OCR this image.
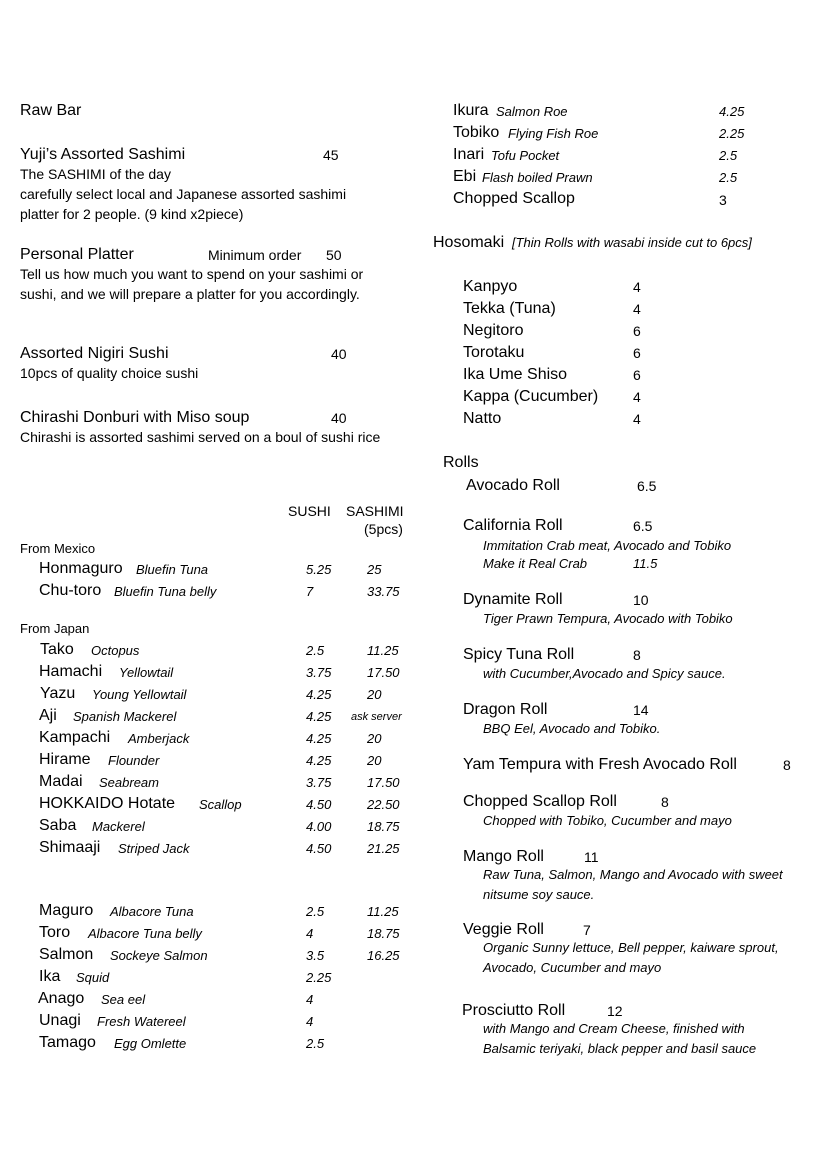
Raw Bar
Yuji’s Assorted Sashimi	45
The SASHIMI of the day
carefully select local and Japanese assorted sashimi
platter for 2 people. (9 kind x2piece)
Personal Platter	Minimum order 50
Tell us how much you want to spend on your sashimi or
sushi, and we will prepare a platter for you accordingly.
Assorted Nigiri Sushi	40
10pcs of quality choice sushi
Chirashi Donburi with Miso soup	40
Chirashi is assorted sashimi served on a boul of sushi rice
SUSHI SASHIMI
(5pcs)
From Mexico
Honmaguro Bluefin Tuna	5.25	25
Chu-toro Bluefin Tuna belly	7	33.75
From Japan
Tako Octopus	2.5	11.25
Hamachi Yellowtail	3.75	17.50
Yazu Young Yellowtail	4.25	20
Aji Spanish Mackerel	4.25 ask server
Kampachi Amberjack	4.25	20
Hirame Flounder	4.25	20
Madai Seabream	3.75	17.50
HOKKAIDO Hotate Scallop	4.50	22.50
Saba Mackerel	4.00	18.75
Shimaaji Striped Jack	4.50	21.25
Maguro Albacore Tuna	2.5	11.25
Toro Albacore Tuna belly	4	18.75
Salmon Sockeye Salmon	3.5	16.25
Ika Squid	2.25
Anago Sea eel	4
Unagi Fresh Watereel	4
Tamago Egg Omlette	2.5
Ikura Salmon Roe	4.25
Tobiko Flying Fish Roe	2.25
Inari Tofu Pocket	2.5
Ebi Flash boiled Prawn	2.5
Chopped Scallop	3
Hosomaki [Thin Rolls with wasabi inside cut to 6pcs]
Kanpyo	4
Tekka (Tuna)	4
Negitoro	6
Torotaku	6
Ika Ume Shiso	6
Kappa (Cucumber) 4
Natto	4
Rolls
Avocado Roll	6.5
California Roll	6.5
Immitation Crab meat, Avocado and Tobiko
Make it Real Crab	11.5
Dynamite Roll	10
Tiger Prawn Tempura, Avocado with Tobiko
Spicy Tuna Roll	8
with Cucumber,Avocado and Spicy sauce.
Dragon Roll	14
BBQ Eel, Avocado and Tobiko.
Yam Tempura with Fresh Avocado Roll	8
Chopped Scallop Roll	8
Chopped with Tobiko, Cucumber and mayo
Mango Roll	11
Raw Tuna, Salmon, Mango and Avocado with sweet
nitsume soy sauce.
Veggie Roll	7
Organic Sunny lettuce, Bell pepper, kaiware sprout,
Avocado, Cucumber and mayo
Prosciutto Roll	12
with Mango and Cream Cheese, finished with
Balsamic teriyaki, black pepper and basil sauce
